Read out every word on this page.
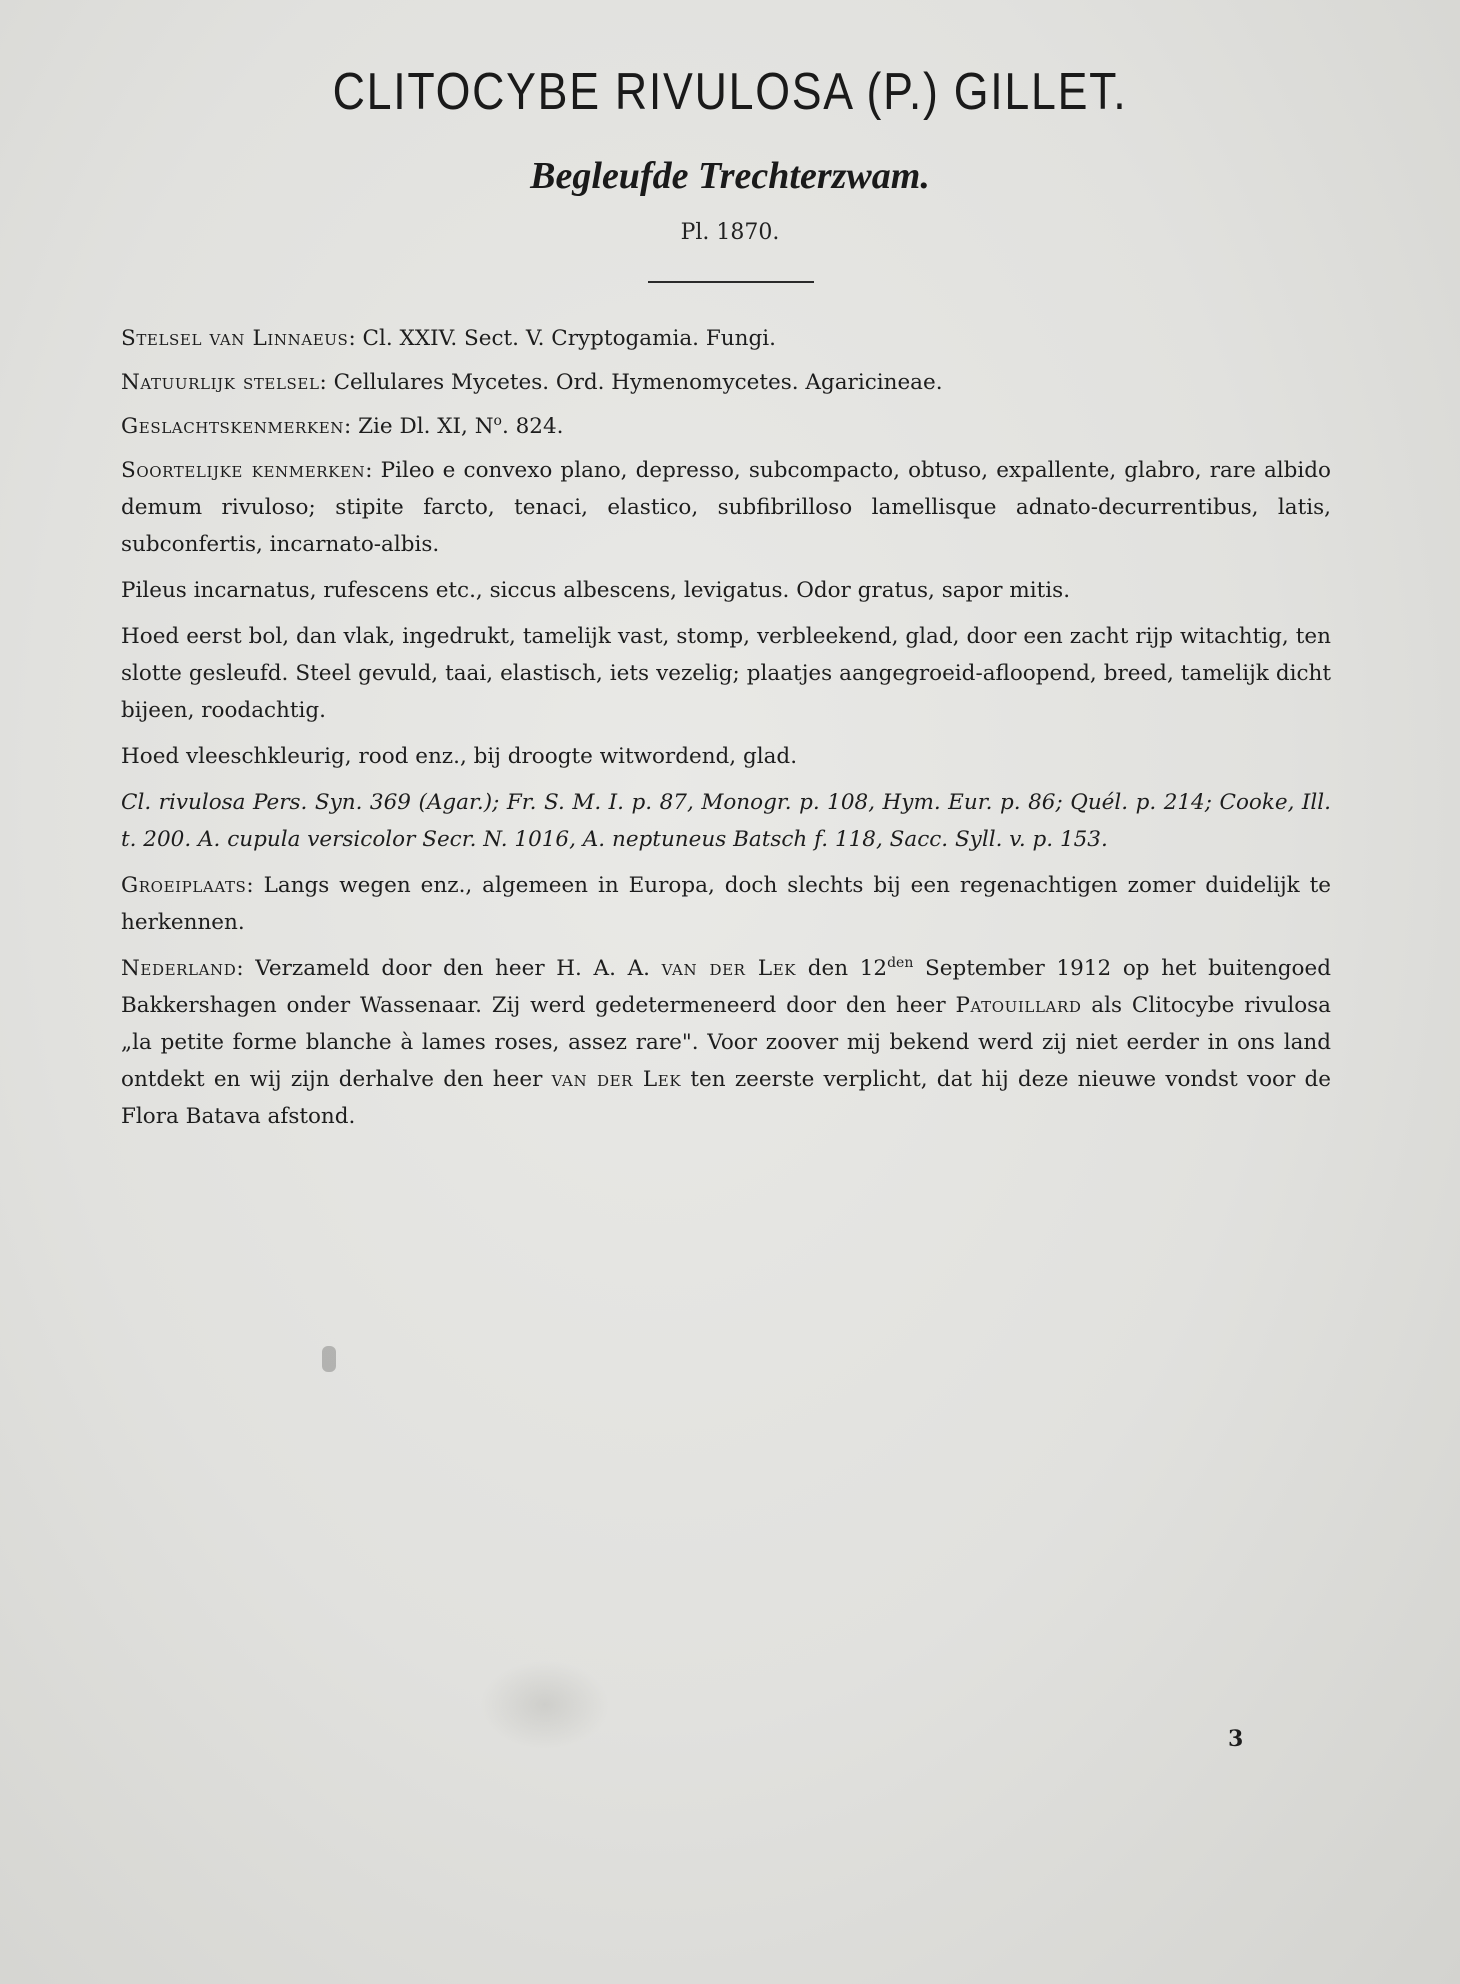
CLITOCYBE RIVULOSA (P.) GILLET.
Begleufde Trechterzwam.
Pl. 1870.

Stelsel van Linnaeus: Cl. XXIV. Sect. V. Cryptogamia. Fungi.

Natuurlijk stelsel: Cellulares Mycetes. Ord. Hymenomycetes. Agaricineae.

Geslachtskenmerken: Zie Dl. XI, $N^o$. 824.

Soortelijke kenmerken: Pileo e convexo plano, depresso, subcompacto, obtuso, expallente, glabro, rare albido demum rivuloso; stipite farcto, tenaci, elastico, subfibrilloso lamellisque adnato-decurrentibus, latis, subconfertis, incarnato-albis.

Pileus incarnatus, rufescens etc., siccus albescens, levigatus. Odor gratus, sapor mitis.

Hoed eerst bol, dan vlak, ingedrukt, tamelijk vast, stomp, verbleekend, glad, door een zacht rijp witachtig, ten slotte gesleufd. Steel gevuld, taai, elastisch, iets vezelig; plaatjes aangegroeid-afloopend, breed, tamelijk dicht bijeen, roodachtig.

Hoed vleeschkleurig, rood enz., bij droogte witwordend, glad.

Cl. rivulosa Pers. Syn. 369 (Agar.); Fr. S. M. I. p. 87, Monogr. p. 108, Hym. Eur. p. 86; Quél. p. 214; Cooke, Ill. t. 200. A. cupula versicolor Secr. N. 1016, A. neptuneus Batsch f. 118, Sacc. Syll. v. p. 153.

Groeiplaats: Langs wegen enz., algemeen in Europa, doch slechts bij een regenachtigen zomer duidelijk te herkennen.

Nederland: Verzameld door den heer H. A. A. van der Lek den $12^{den}$ September 1912 op het buitengoed Bakkershagen onder Wassenaar. Zij werd gedetermeneerd door den heer Patouillard als Clitocybe rivulosa „la petite forme blanche à lames roses, assez rare". Voor zoover mij bekend werd zij niet eerder in ons land ontdekt en wij zijn derhalve den heer van der Lek ten zeerste verplicht, dat hij deze nieuwe vondst voor de Flora Batava afstond.

3
